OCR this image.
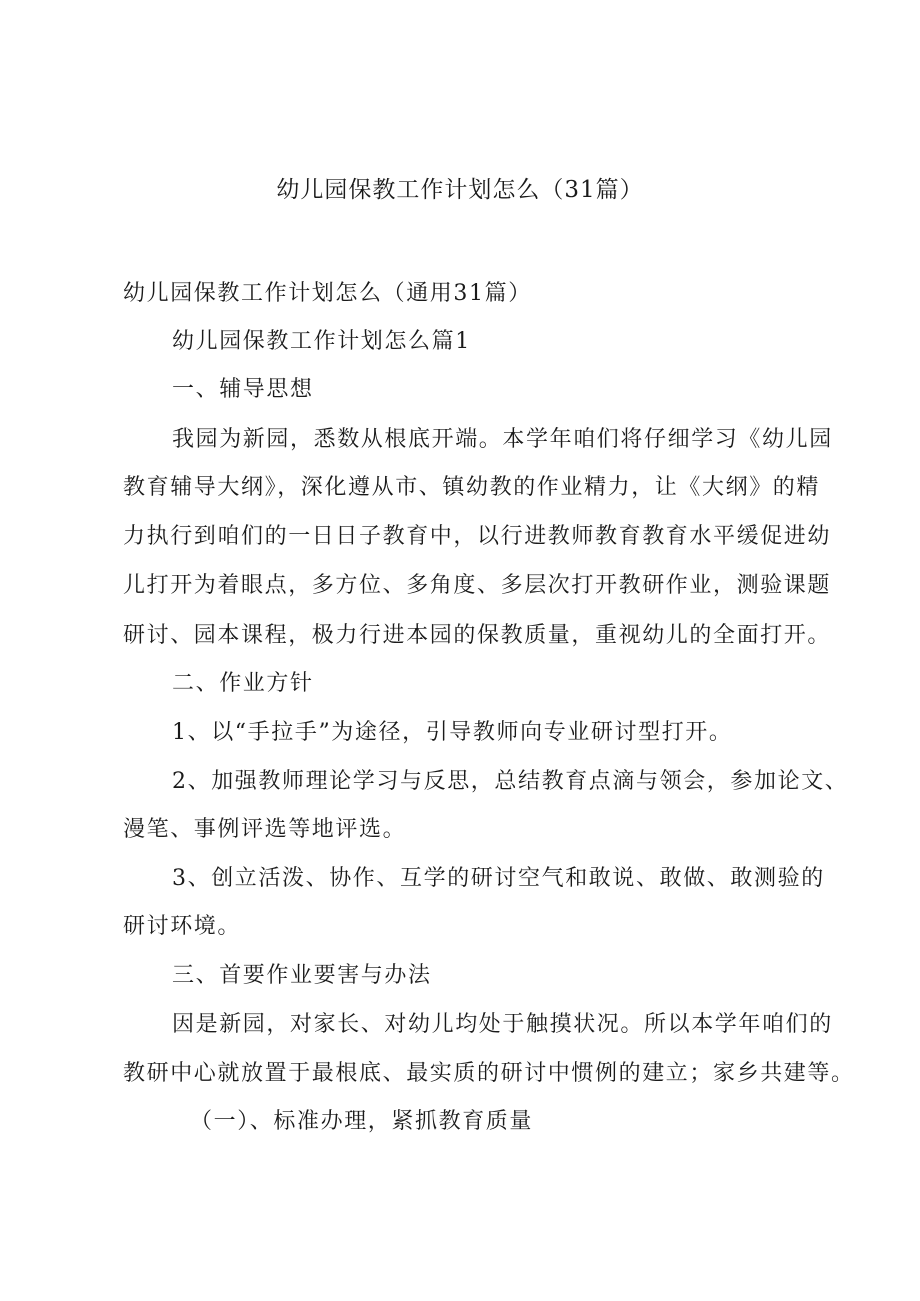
幼儿园保教工作计划怎么（31篇）
幼儿园保教工作计划怎么（通用31篇）
幼儿园保教工作计划怎么篇1
一、辅导思想
我园为新园，悉数从根底开端。本学年咱们将仔细学习《幼儿园
教育辅导大纲》，深化遵从市、镇幼教的作业精力，让《大纲》的精
力执行到咱们的一日日子教育中，以行进教师教育教育水平缓促进幼
儿打开为着眼点，多方位、多角度、多层次打开教研作业，测验课题
研讨、园本课程，极力行进本园的保教质量，重视幼儿的全面打开。
二、作业方针
1、以“手拉手”为途径，引导教师向专业研讨型打开。
2、加强教师理论学习与反思，总结教育点滴与领会，参加论文、
漫笔、事例评选等地评选。
3、创立活泼、协作、互学的研讨空气和敢说、敢做、敢测验的
研讨环境。
三、首要作业要害与办法
因是新园，对家长、对幼儿均处于触摸状况。所以本学年咱们的
教研中心就放置于最根底、最实质的研讨中惯例的建立；家乡共建等。
（一）、标准办理，紧抓教育质量
